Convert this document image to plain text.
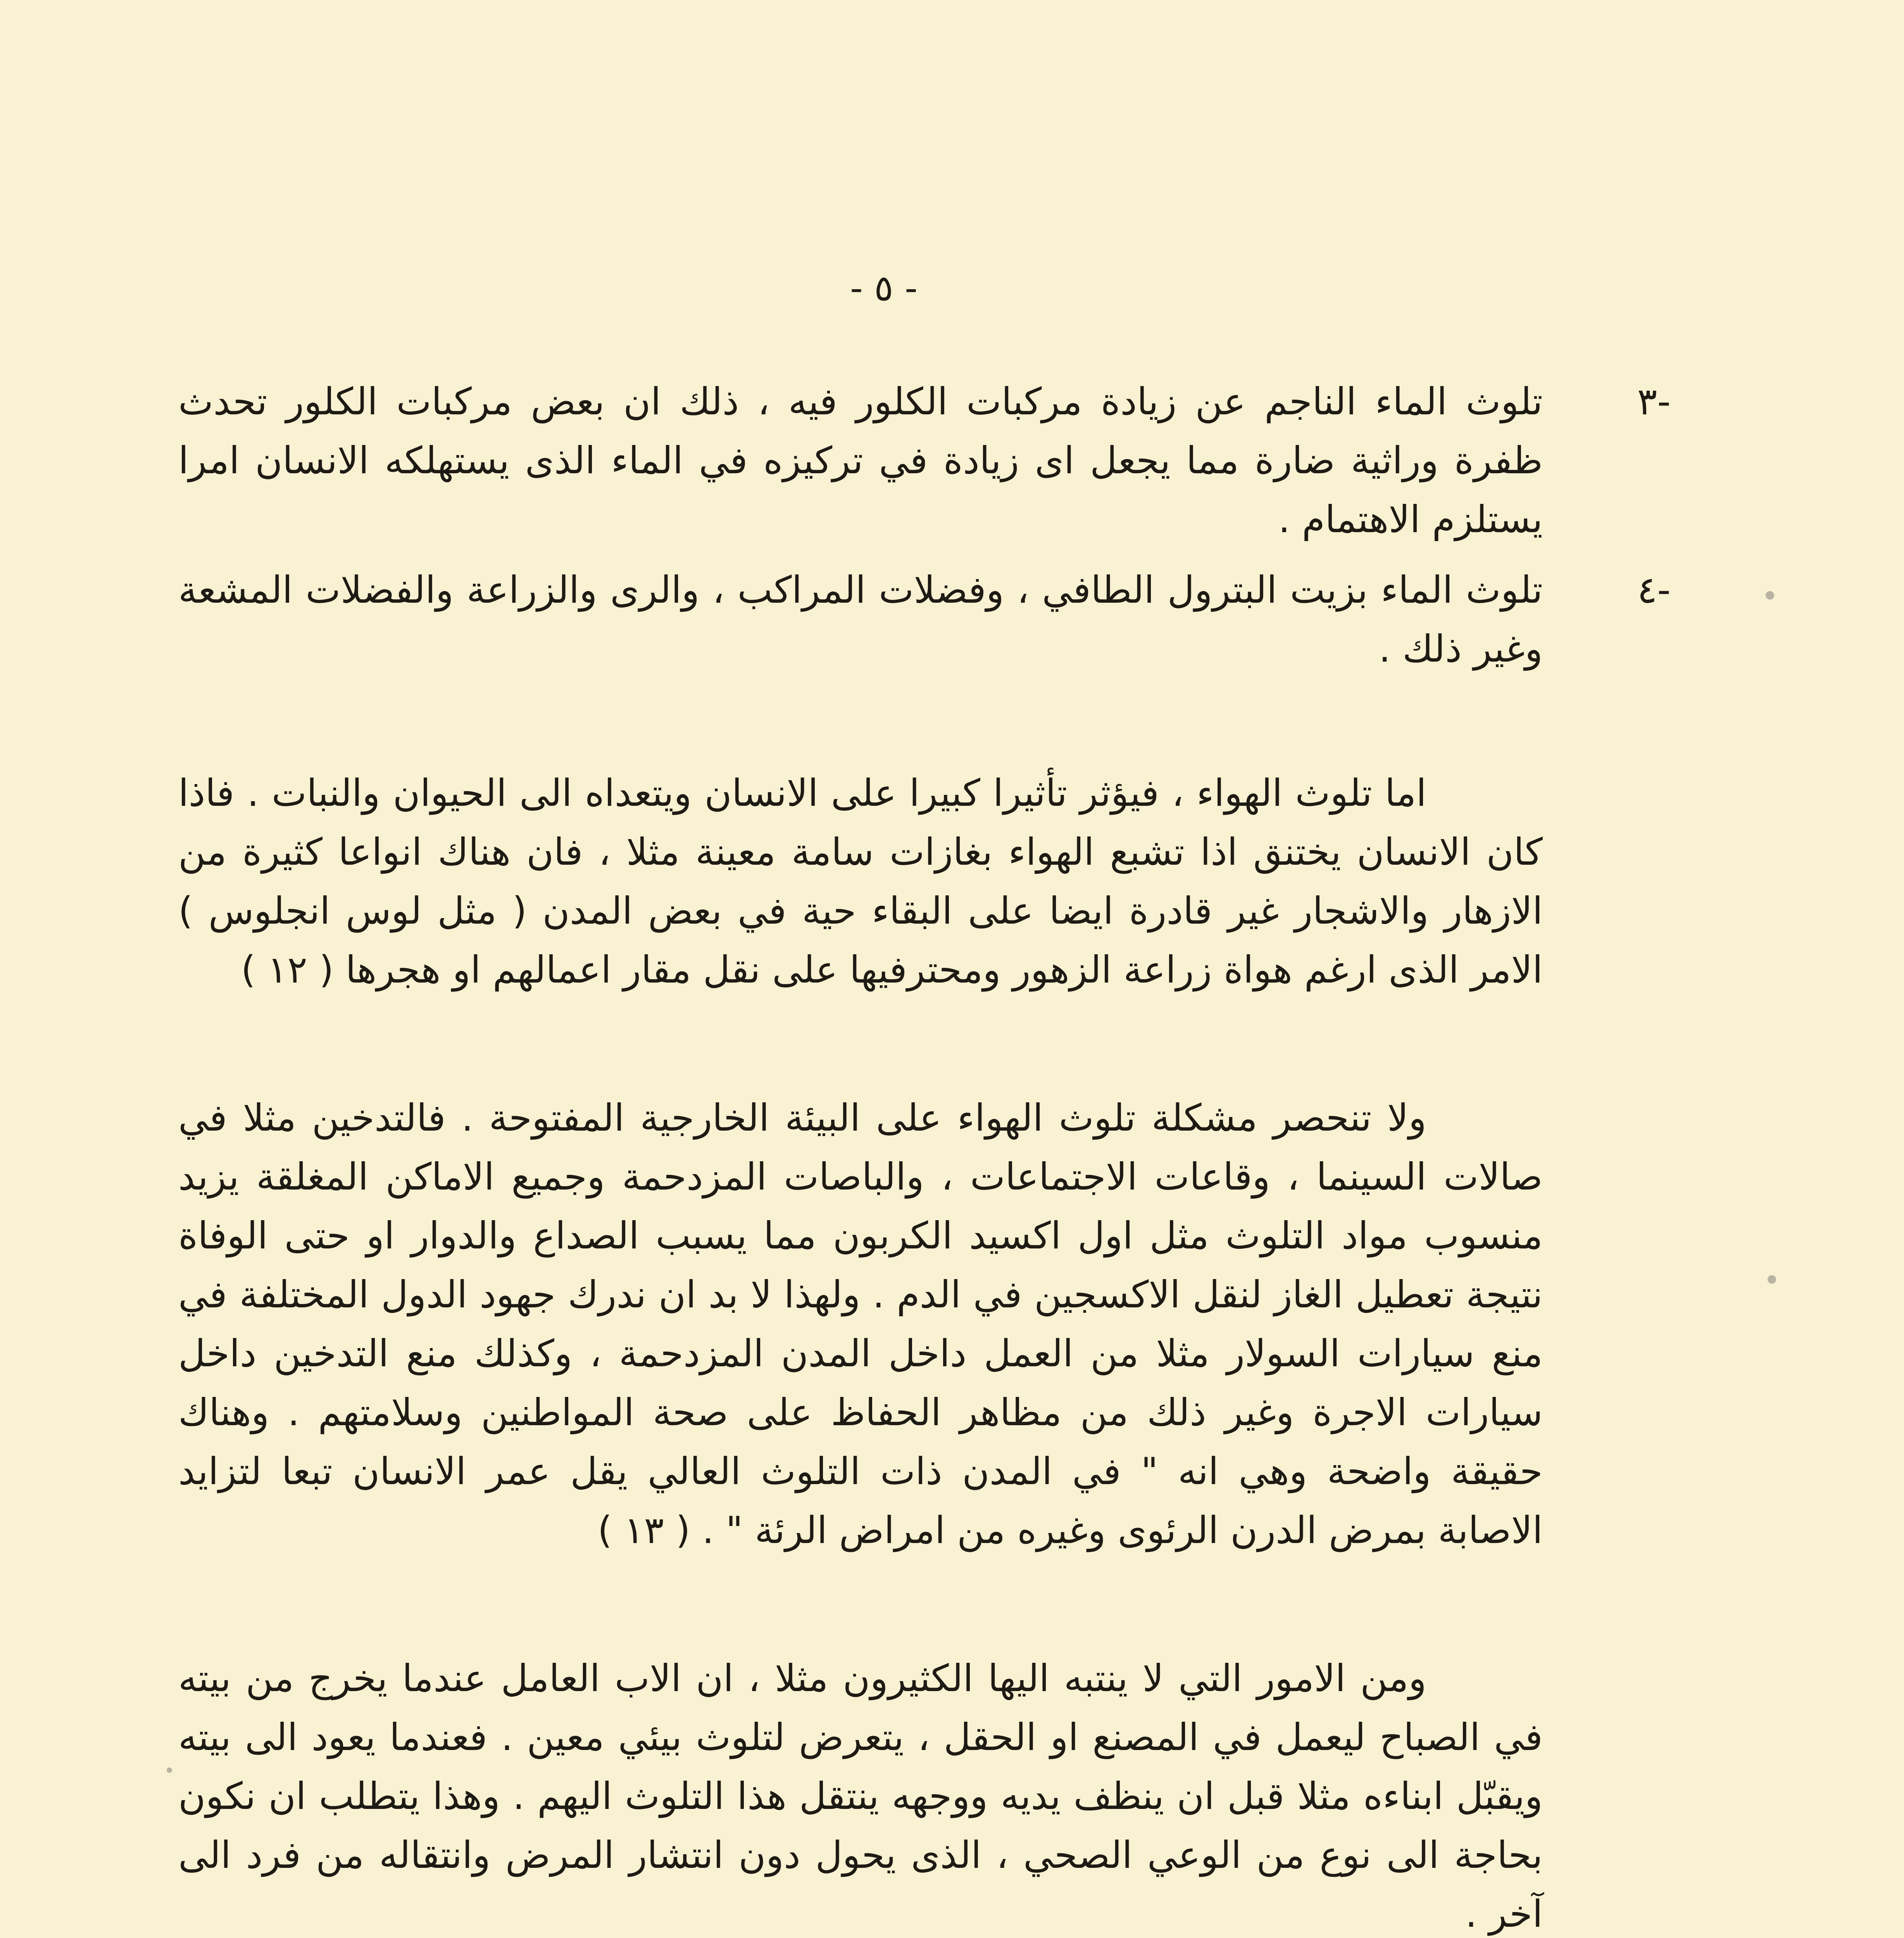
- ٥ -
-٣
تلوث الماء الناجم عن زيادة مركبات الكلور فيه ، ذلك ان بعض مركبات الكلور تحدث ظفرة وراثية ضارة مما يجعل اى زيادة في تركيزه في الماء الذى يستهلكه الانسان امرا يستلزم الاهتمام .
-٤
تلوث الماء بزيت البترول الطافي ، وفضلات المراكب ، والرى والزراعة والفضلات المشعة وغير ذلك .

اما تلوث الهواء ، فيؤثر تأثيرا كبيرا على الانسان ويتعداه الى الحيوان والنبات . فاذا كان الانسان يختنق اذا تشبع الهواء بغازات سامة معينة مثلا ، فان هناك انواعا كثيرة من الازهار والاشجار غير قادرة ايضا على البقاء حية في بعض المدن ( مثل لوس انجلوس ) الامر الذى ارغم هواة زراعة الزهور ومحترفيها على نقل مقار اعمالهم او هجرها ( ١٢ )

ولا تنحصر مشكلة تلوث الهواء على البيئة الخارجية المفتوحة . فالتدخين مثلا في صالات السينما ، وقاعات الاجتماعات ، والباصات المزدحمة وجميع الاماكن المغلقة يزيد منسوب مواد التلوث مثل اول اكسيد الكربون مما يسبب الصداع والدوار او حتى الوفاة نتيجة تعطيل الغاز لنقل الاكسجين في الدم . ولهذا لا بد ان ندرك جهود الدول المختلفة في منع سيارات السولار مثلا من العمل داخل المدن المزدحمة ، وكذلك منع التدخين داخل سيارات الاجرة وغير ذلك من مظاهر الحفاظ على صحة المواطنين وسلامتهم . وهناك حقيقة واضحة وهي انه " في المدن ذات التلوث العالي يقل عمر الانسان تبعا لتزايد الاصابة بمرض الدرن الرئوى وغيره من امراض الرئة " . ( ١٣ )

ومن الامور التي لا ينتبه اليها الكثيرون مثلا ، ان الاب العامل عندما يخرج من بيته في الصباح ليعمل في المصنع او الحقل ، يتعرض لتلوث بيئي معين . فعندما يعود الى بيته ويقبّل ابناءه مثلا قبل ان ينظف يديه ووجهه ينتقل هذا التلوث اليهم . وهذا يتطلب ان نكون بحاجة الى نوع من الوعي الصحي ، الذى يحول دون انتشار المرض وانتقاله من فرد الى آخر .
